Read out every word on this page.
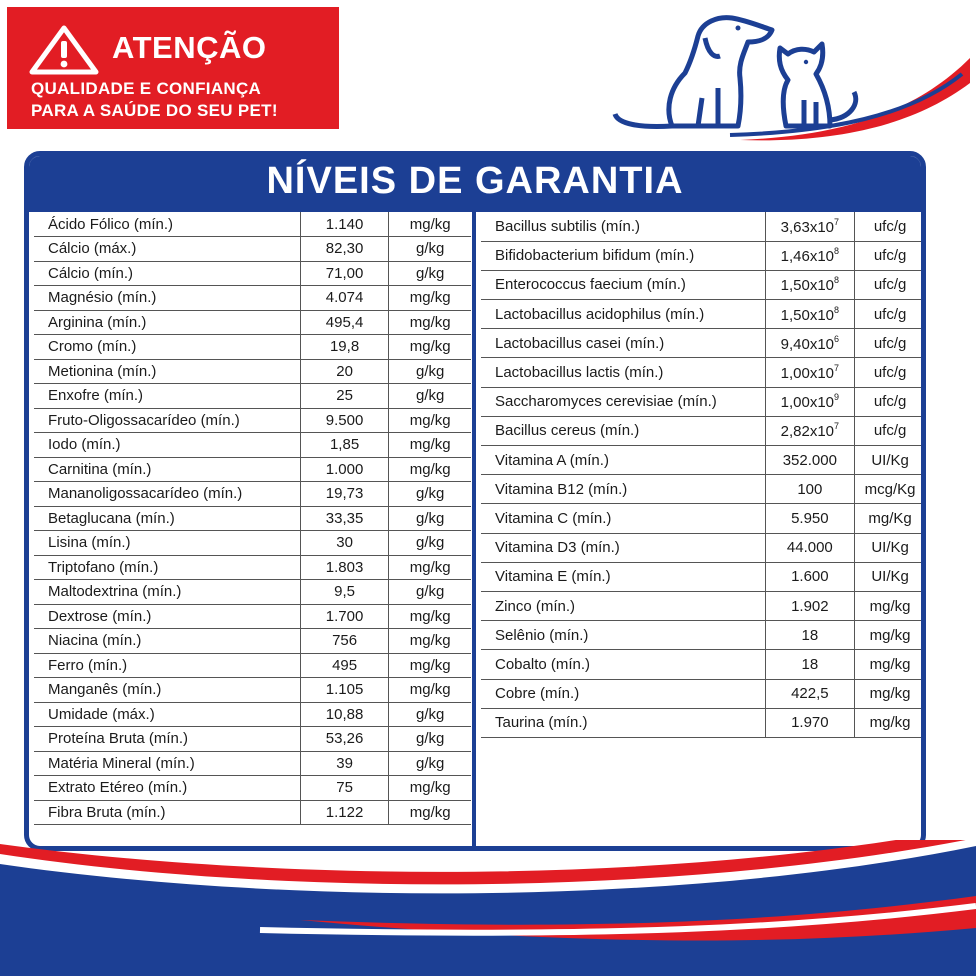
ATENÇÃO
QUALIDADE E CONFIANÇA
PARA A SAÚDE DO SEU PET!
NÍVEIS DE GARANTIA
Ácido Fólico (mín.)	1.140	mg/kg
Cálcio (máx.)	82,30	g/kg
Cálcio (mín.)	71,00	g/kg
Magnésio (mín.)	4.074	mg/kg
Arginina (mín.)	495,4	mg/kg
Cromo (mín.)	19,8	mg/kg
Metionina (mín.)	20	g/kg
Enxofre (mín.)	25	g/kg
Fruto-Oligossacarídeo (mín.)	9.500	mg/kg
Iodo (mín.)	1,85	mg/kg
Carnitina (mín.)	1.000	mg/kg
Mananoligossacarídeo (mín.)	19,73	g/kg
Betaglucana (mín.)	33,35	g/kg
Lisina (mín.)	30	g/kg
Triptofano (mín.)	1.803	mg/kg
Maltodextrina (mín.)	9,5	g/kg
Dextrose (mín.)	1.700	mg/kg
Niacina (mín.)	756	mg/kg
Ferro (mín.)	495	mg/kg
Manganês (mín.)	1.105	mg/kg
Umidade (máx.)	10,88	g/kg
Proteína Bruta (mín.)	53,26	g/kg
Matéria Mineral (mín.)	39	g/kg
Extrato Etéreo (mín.)	75	mg/kg
Fibra Bruta (mín.)	1.122	mg/kg
Bacillus subtilis (mín.)	$3,63x10^7$	ufc/g
Bifidobacterium bifidum (mín.)	$1,46x10^8$	ufc/g
Enterococcus faecium (mín.)	$1,50x10^8$	ufc/g
Lactobacillus acidophilus (mín.)	$1,50x10^8$	ufc/g
Lactobacillus casei (mín.)	$9,40x10^6$	ufc/g
Lactobacillus lactis (mín.)	$1,00x10^7$	ufc/g
Saccharomyces cerevisiae (mín.)	$1,00x10^9$	ufc/g
Bacillus cereus (mín.)	$2,82x10^7$	ufc/g
Vitamina A (mín.)	352.000	UI/Kg
Vitamina B12 (mín.)	100	mcg/Kg
Vitamina C (mín.)	5.950	mg/Kg
Vitamina D3 (mín.)	44.000	UI/Kg
Vitamina E (mín.)	1.600	UI/Kg
Zinco (mín.)	1.902	mg/kg
Selênio (mín.)	18	mg/kg
Cobalto (mín.)	18	mg/kg
Cobre (mín.)	422,5	mg/kg
Taurina (mín.)	1.970	mg/kg
